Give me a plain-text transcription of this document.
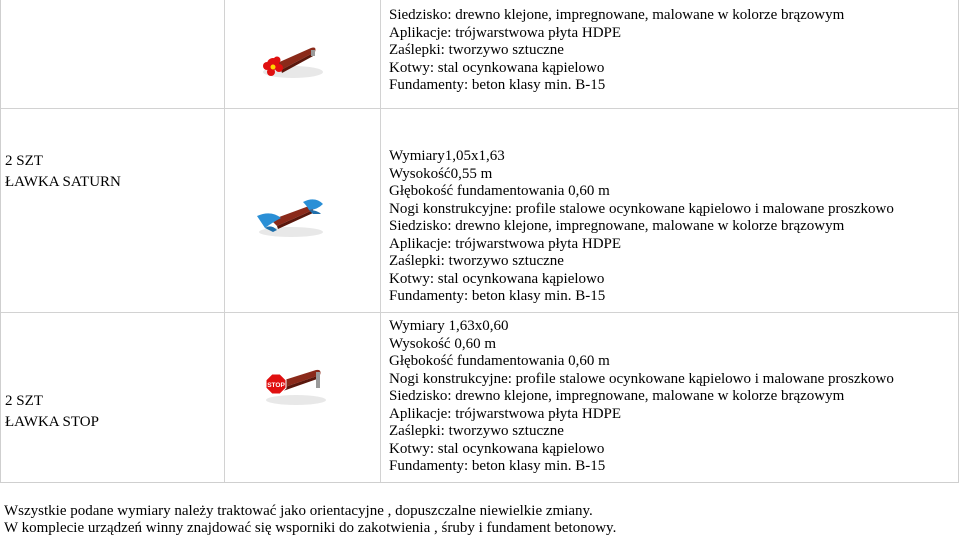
Siedzisko: drewno klejone, impregnowane, malowane w kolorze brązowym
Aplikacje: trójwarstwowa płyta HDPE
Zaślepki: tworzywo sztuczne
Kotwy: stal ocynkowana kąpielowo
Fundamenty: beton klasy min. B-15
2 SZT
ŁAWKA SATURN
Wymiary1,05x1,63
Wysokość0,55 m
Głębokość fundamentowania 0,60 m
Nogi konstrukcyjne: profile stalowe ocynkowane kąpielowo i malowane proszkowo
Siedzisko: drewno klejone, impregnowane, malowane w kolorze brązowym
Aplikacje: trójwarstwowa płyta HDPE
Zaślepki: tworzywo sztuczne
Kotwy: stal ocynkowana kąpielowo
Fundamenty: beton klasy min. B-15
2 SZT
ŁAWKA STOP
STOP
Wymiary 1,63x0,60
Wysokość 0,60 m
Głębokość fundamentowania 0,60 m
Nogi konstrukcyjne: profile stalowe ocynkowane kąpielowo i malowane proszkowo
Siedzisko: drewno klejone, impregnowane, malowane w kolorze brązowym
Aplikacje: trójwarstwowa płyta HDPE
Zaślepki: tworzywo sztuczne
Kotwy: stal ocynkowana kąpielowo
Fundamenty: beton klasy min. B-15
Wszystkie podane wymiary należy traktować jako orientacyjne , dopuszczalne niewielkie zmiany.
W komplecie urządzeń winny znajdować się wsporniki do zakotwienia , śruby i fundament betonowy.
